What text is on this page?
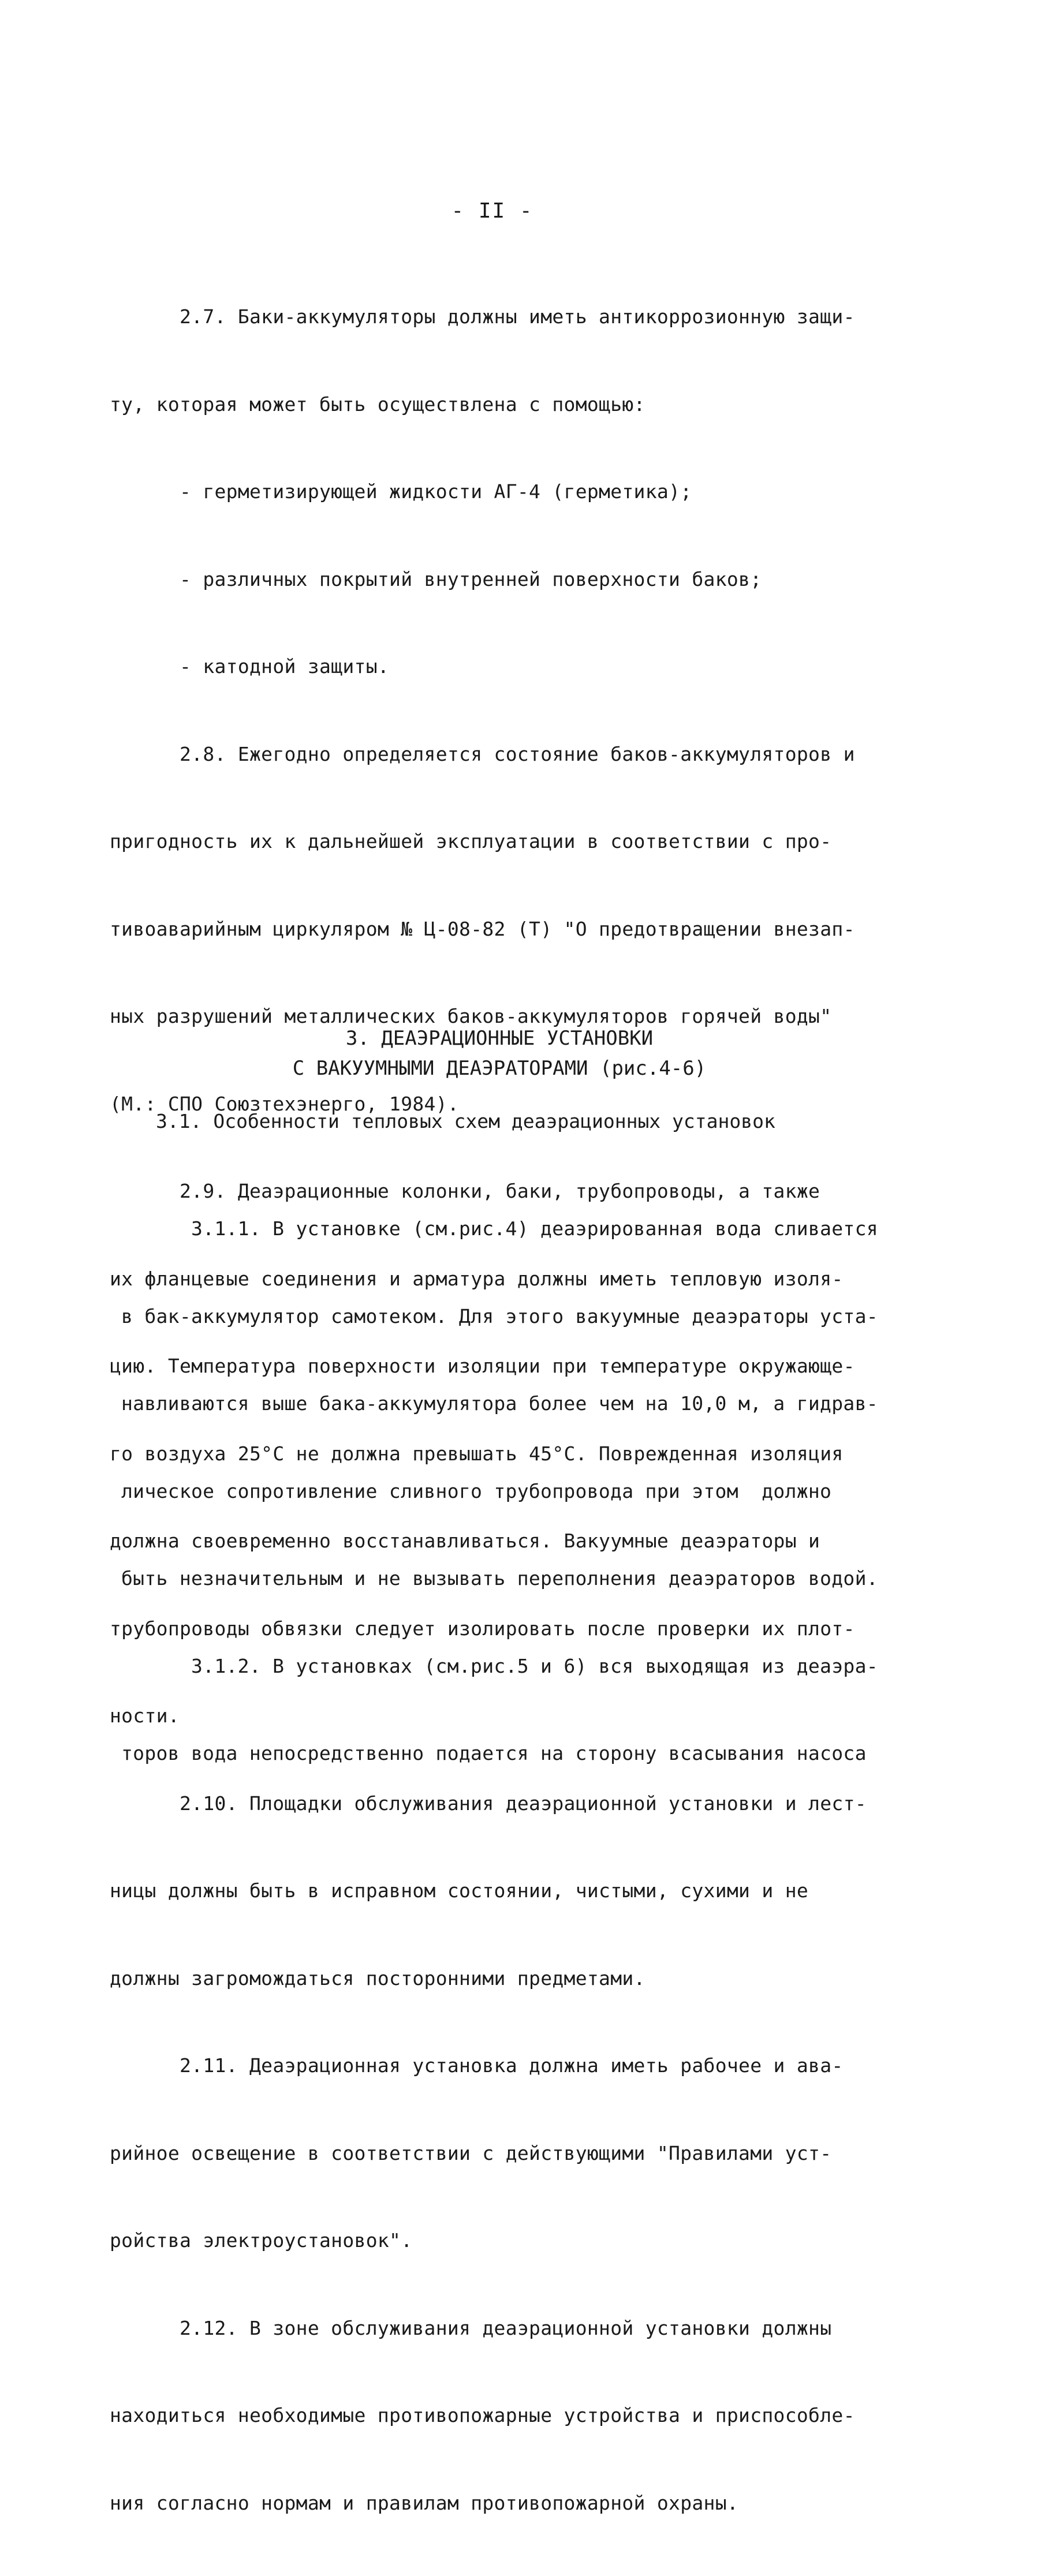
- II -

2.7. Баки-аккумуляторы должны иметь антикоррозионную защи-

ту, которая может быть осуществлена с помощью:

- герметизирующей жидкости АГ-4 (герметика);

- различных покрытий внутренней поверхности баков;

- катодной защиты.

2.8. Ежегодно определяется состояние баков-аккумуляторов и

пригодность их к дальнейшей эксплуатации в соответствии с про-

тивоаварийным циркуляром № Ц-08-82 (Т) "О предотвращении внезап-

ных разрушений металлических баков-аккумуляторов горячей воды"

(М.: СПО Союзтехэнерго, 1984).

2.9. Деаэрационные колонки, баки, трубопроводы, а также

их фланцевые соединения и арматура должны иметь тепловую изоля-

цию. Температура поверхности изоляции при температуре окружающе-

го воздуха 25°С не должна превышать 45°С. Поврежденная изоляция

должна своевременно восстанавливаться. Вакуумные деаэраторы и

трубопроводы обвязки следует изолировать после проверки их плот-

ности.

2.10. Площадки обслуживания деаэрационной установки и лест-

ницы должны быть в исправном состоянии, чистыми, сухими и не

должны загромождаться посторонними предметами.

2.11. Деаэрационная установка должна иметь рабочее и ава-

рийное освещение в соответствии с действующими "Правилами уст-

ройства электроустановок".

2.12. В зоне обслуживания деаэрационной установки должны

находиться необходимые противопожарные устройства и приспособле-

ния согласно нормам и правилам противопожарной охраны.

3. ДЕАЭРАЦИОННЫЕ УСТАНОВКИ
С ВАКУУМНЫМИ ДЕАЭРАТОРАМИ (рис.4-6)
3.1. Особенности тепловых схем деаэрационных установок

3.1.1. В установке (см.рис.4) деаэрированная вода сливается

в бак-аккумулятор самотеком. Для этого вакуумные деаэраторы уста-

навливаются выше бака-аккумулятора более чем на 10,0 м, а гидрав-

лическое сопротивление сливного трубопровода при этом  должно

быть незначительным и не вызывать переполнения деаэраторов водой.

3.1.2. В установках (см.рис.5 и 6) вся выходящая из деаэра-

торов вода непосредственно подается на сторону всасывания насоса
